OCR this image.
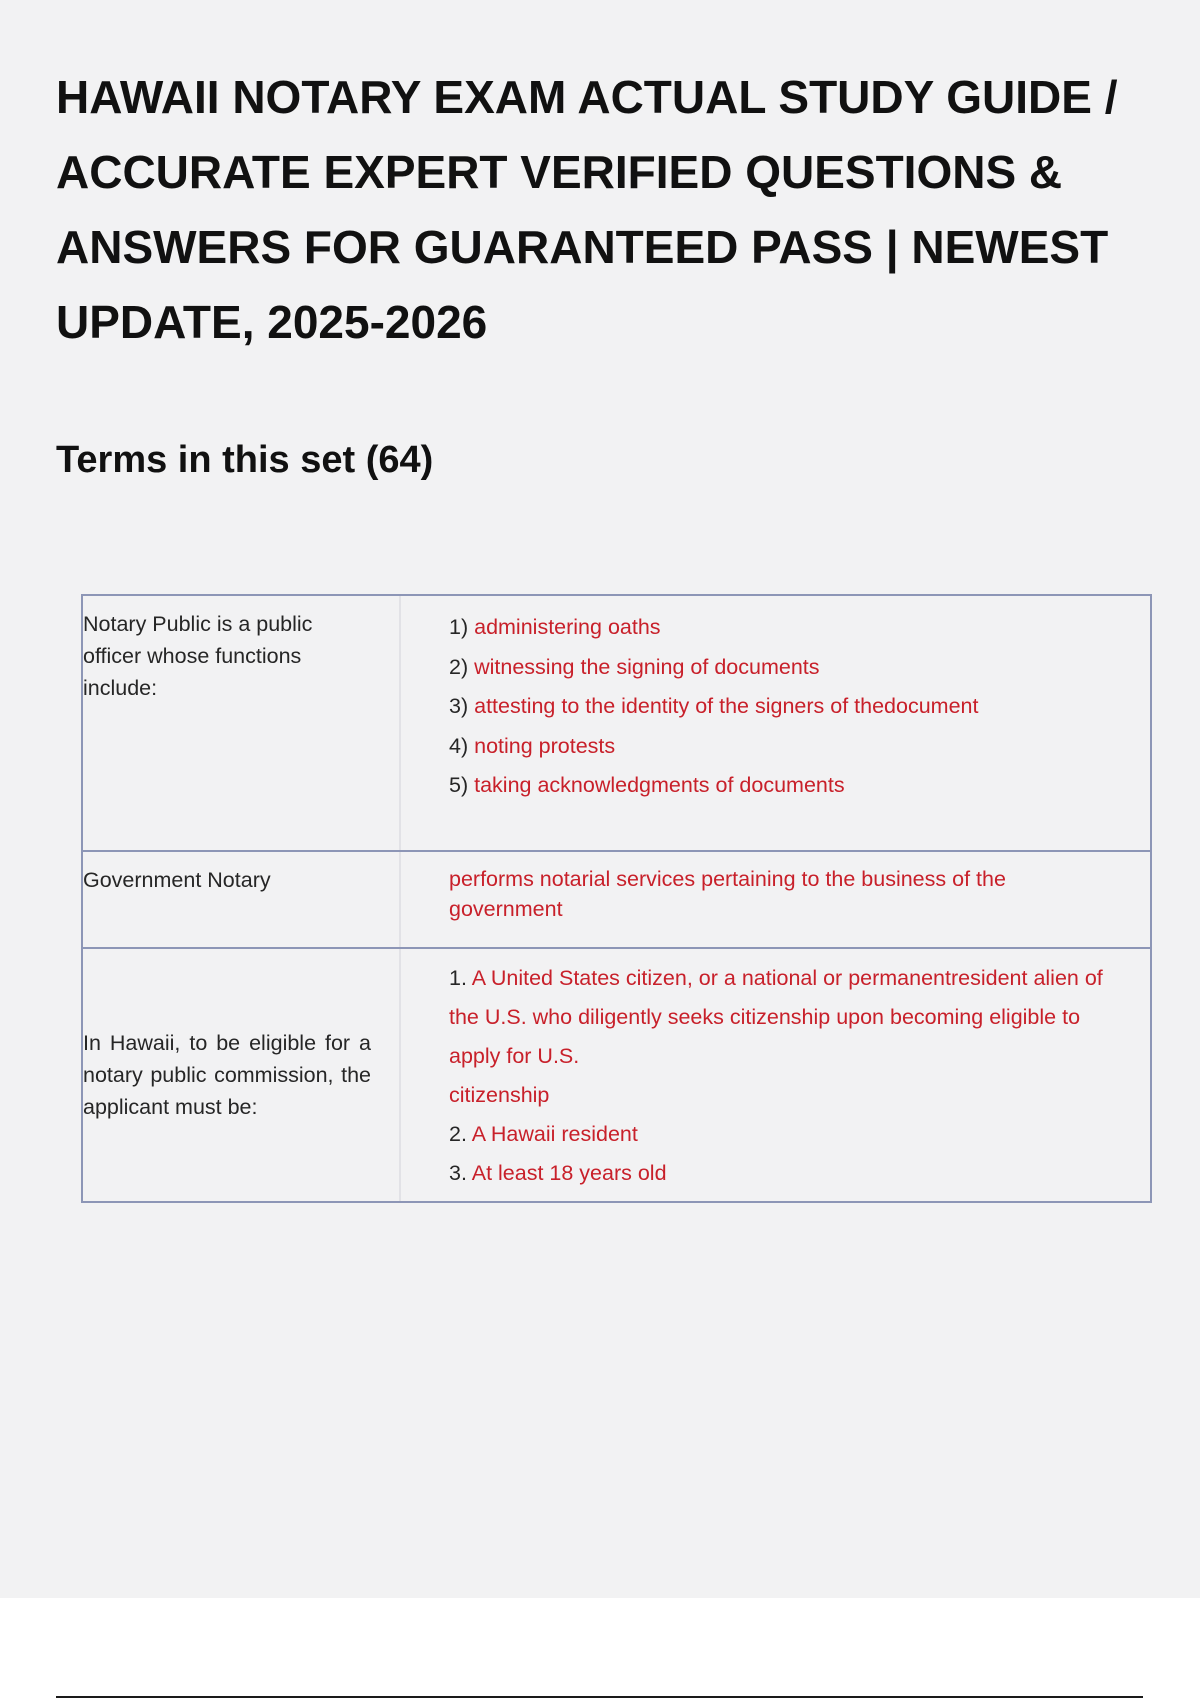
HAWAII NOTARY EXAM ACTUAL STUDY GUIDE / ACCURATE EXPERT VERIFIED QUESTIONS & ANSWERS FOR GUARANTEED PASS | NEWEST UPDATE, 2025-2026
Terms in this set (64)
Notary Public is a public officer whose functions include:
1) administering oaths
2) witnessing the signing of documents
3) attesting to the identity of the signers of thedocument
4) noting protests
5) taking acknowledgments of documents
Government Notary	performs notarial services pertaining to the business of the government
In Hawaii, to be eligible for a notary public commission, the applicant must be:
1. A United States citizen, or a national or permanentresident alien of the U.S. who diligently seeks citizenship upon becoming eligible to apply for U.S.
citizenship
2. A Hawaii resident
3. At least 18 years old
